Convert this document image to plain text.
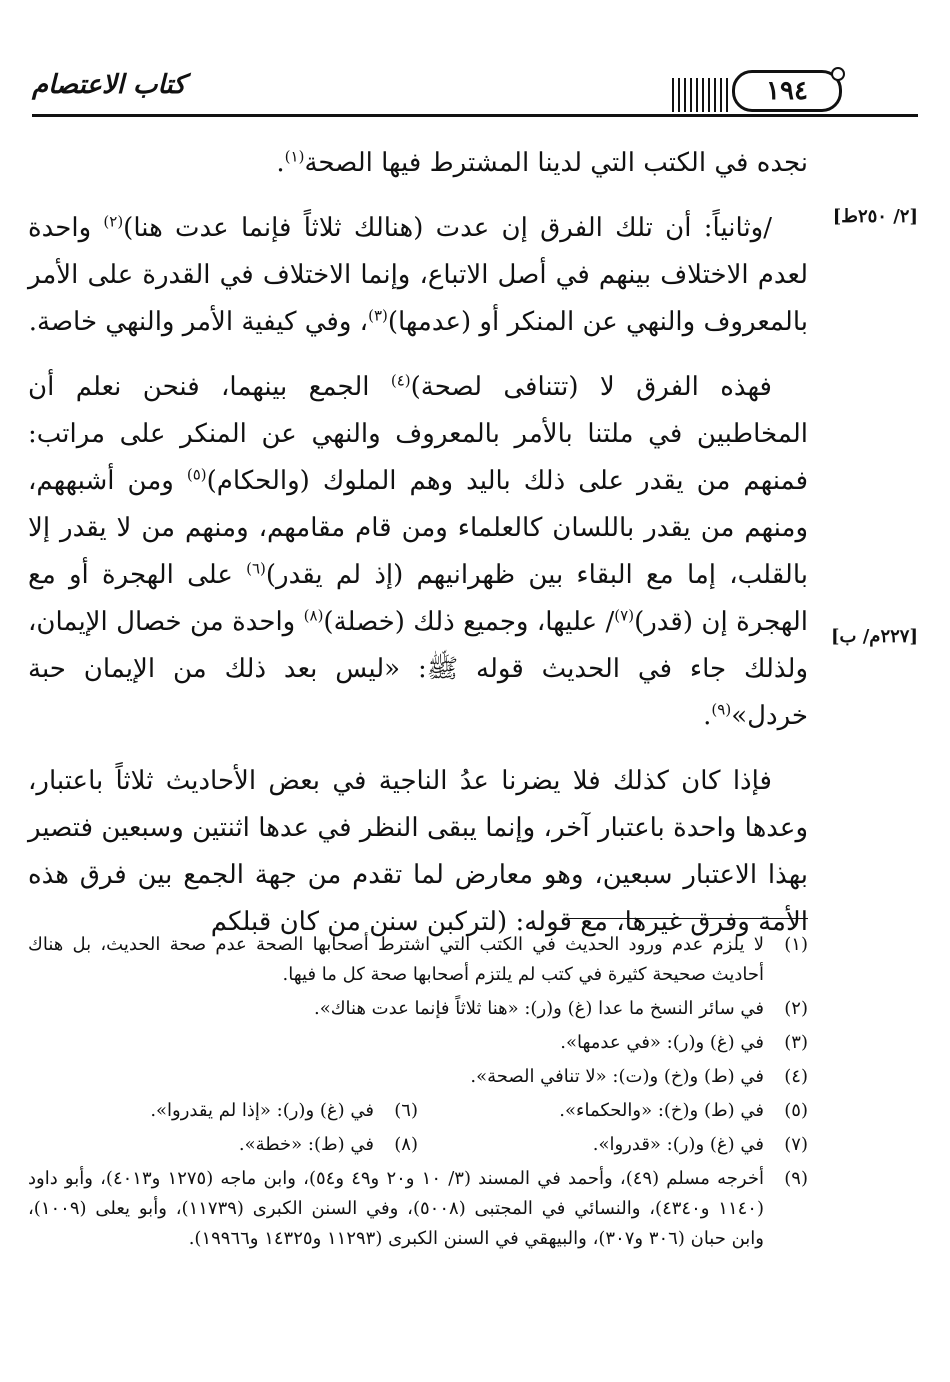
١٩٤
كتاب الاعتصام
[٢/ ٢٥٠ط]
[٢٢٧م/ ب]

نجده في الكتب التي لدينا المشترط فيها الصحة$^{(١)}$.

/وثانياً: أن تلك الفرق إن عدت (هنالك ثلاثاً فإنما عدت هنا)$^{(٢)}$ واحدة لعدم الاختلاف بينهم في أصل الاتباع، وإنما الاختلاف في القدرة على الأمر بالمعروف والنهي عن المنكر أو (عدمها)$^{(٣)}$، وفي كيفية الأمر والنهي خاصة.

فهذه الفرق لا (تتنافى لصحة)$^{(٤)}$ الجمع بينهما، فنحن نعلم أن المخاطبين في ملتنا بالأمر بالمعروف والنهي عن المنكر على مراتب: فمنهم من يقدر على ذلك باليد وهم الملوك (والحكام)$^{(٥)}$ ومن أشبههم، ومنهم من يقدر باللسان كالعلماء ومن قام مقامهم، ومنهم من لا يقدر إلا بالقلب، إما مع البقاء بين ظهرانيهم (إذ لم يقدر)$^{(٦)}$ على الهجرة أو مع الهجرة إن (قدر)$^{(٧)}$/ عليها، وجميع ذلك (خصلة)$^{(٨)}$ واحدة من خصال الإيمان، ولذلك جاء في الحديث قوله ﷺ: «ليس بعد ذلك من الإيمان حبة خردل»$^{(٩)}$.

فإذا كان كذلك فلا يضرنا عدُ الناجية في بعض الأحاديث ثلاثاً باعتبار، وعدها واحدة باعتبار آخر، وإنما يبقى النظر في عدها اثنتين وسبعين فتصير بهذا الاعتبار سبعين، وهو معارض لما تقدم من جهة الجمع بين فرق هذه الأمة وفرق غيرها، مع قوله: (لتركبن سنن من كان قبلكم

(١)
لا يلزم عدم ورود الحديث في الكتب التي اشترط أصحابها الصحة عدم صحة الحديث، بل هناك أحاديث صحيحة كثيرة في كتب لم يلتزم أصحابها صحة كل ما فيها.
(٢)
في سائر النسخ ما عدا (غ) و(ر): «هنا ثلاثاً فإنما عدت هناك».
(٣)
في (غ) و(ر): «في عدمها».
(٤)
في (ط) و(خ) و(ت): «لا تنافي الصحة».
(٥)
في (ط) و(خ): «والحكماء».
(٦)
في (غ) و(ر): «إذا لم يقدروا».
(٧)
في (غ) و(ر): «قدروا».
(٨)
في (ط): «خطة».
(٩)
أخرجه مسلم (٤٩)، وأحمد في المسند (٣/ ١٠ و٢٠ و٤٩ و٥٤)، وابن ماجه (١٢٧٥ و٤٠١٣)، وأبو داود (١١٤٠ و٤٣٤٠)، والنسائي في المجتبى (٥٠٠٨)، وفي السنن الكبرى (١١٧٣٩)، وأبو يعلى (١٠٠٩)، وابن حبان (٣٠٦ و٣٠٧)، والبيهقي في السنن الكبرى (١١٢٩٣ و١٤٣٢٥ و١٩٩٦٦).
